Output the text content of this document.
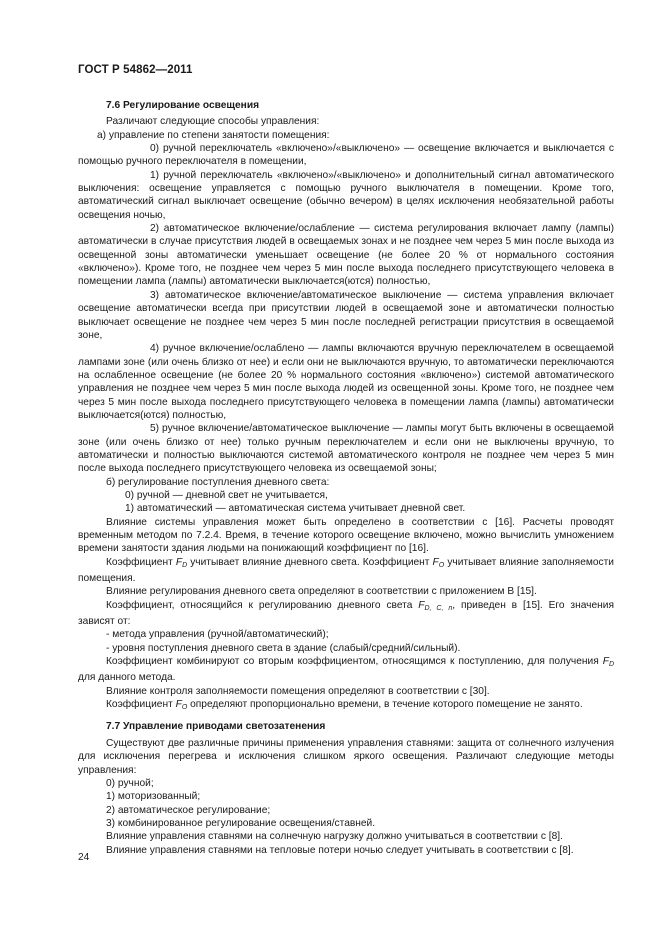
ГОСТ Р 54862—2011

7.6 Регулирование освещения

Различают следующие способы управления:

а) управление по степени занятости помещения:

0) ручной переключатель «включено»/«выключено» — освещение включается и выключается с помощью ручного переключателя в помещении,

1) ручной переключатель «включено»/«выключено» и дополнительный сигнал автоматического выключения: освещение управляется с помощью ручного выключателя в помещении. Кроме того, автоматический сигнал выключает освещение (обычно вечером) в целях исключения необязательной работы освещения ночью,

2) автоматическое включение/ослабление — система регулирования включает лампу (лампы) автоматически в случае присутствия людей в освещаемых зонах и не позднее чем через 5 мин после выхода из освещенной зоны автоматически уменьшает освещение (не более 20 % от нормального состояния «включено»). Кроме того, не позднее чем через 5 мин после выхода последнего присутствующего человека в помещении лампа (лампы) автоматически выключается(ются) полностью,

3) автоматическое включение/автоматическое выключение — система управления включает освещение автоматически всегда при присутствии людей в освещаемой зоне и автоматически полностью выключает освещение не позднее чем через 5 мин после последней регистрации присутствия в освещаемой зоне,

4) ручное включение/ослаблено — лампы включаются вручную переключателем в освещаемой лампами зоне (или очень близко от нее) и если они не выключаются вручную, то автоматически переключаются на ослабленное освещение (не более 20 % нормального состояния «включено») системой автоматического управления не позднее чем через 5 мин после выхода людей из освещенной зоны. Кроме того, не позднее чем через 5 мин после выхода последнего присутствующего человека в помещении лампа (лампы) автоматически выключается(ются) полностью,

5) ручное включение/автоматическое выключение — лампы могут быть включены в освещаемой зоне (или очень близко от нее) только ручным переключателем и если они не выключены вручную, то автоматически и полностью выключаются системой автоматического контроля не позднее чем через 5 мин после выхода последнего присутствующего человека из освещаемой зоны;

б) регулирование поступления дневного света:

0) ручной — дневной свет не учитывается,

1) автоматический — автоматическая система учитывает дневной свет.

Влияние системы управления может быть определено в соответствии с [16]. Расчеты проводят временным методом по 7.2.4. Время, в течение которого освещение включено, можно вычислить умножением времени занятости здания людьми на понижающий коэффициент по [16].

Коэффициент $F_D$ учитывает влияние дневного света. Коэффициент $F_O$ учитывает влияние заполняемости помещения.

Влияние регулирования дневного света определяют в соответствии с приложением В [15].

Коэффициент, относящийся к регулированию дневного света $F_{D, C, n}$, приведен в [15]. Его значения зависят от:

- метода управления (ручной/автоматический);

- уровня поступления дневного света в здание (слабый/средний/сильный).

Коэффициент комбинируют со вторым коэффициентом, относящимся к поступлению, для получения $F_D$ для данного метода.

Влияние контроля заполняемости помещения определяют в соответствии с [30].

Коэффициент $F_O$ определяют пропорционально времени, в течение которого помещение не занято.

7.7 Управление приводами светозатенения

Существуют две различные причины применения управления ставнями: защита от солнечного излучения для исключения перегрева и исключения слишком яркого освещения. Различают следующие методы управления:

0) ручной;

1) моторизованный;

2) автоматическое регулирование;

3) комбинированное регулирование освещения/ставней.

Влияние управления ставнями на солнечную нагрузку должно учитываться в соответствии с [8].

Влияние управления ставнями на тепловые потери ночью следует учитывать в соответствии с [8].

24
